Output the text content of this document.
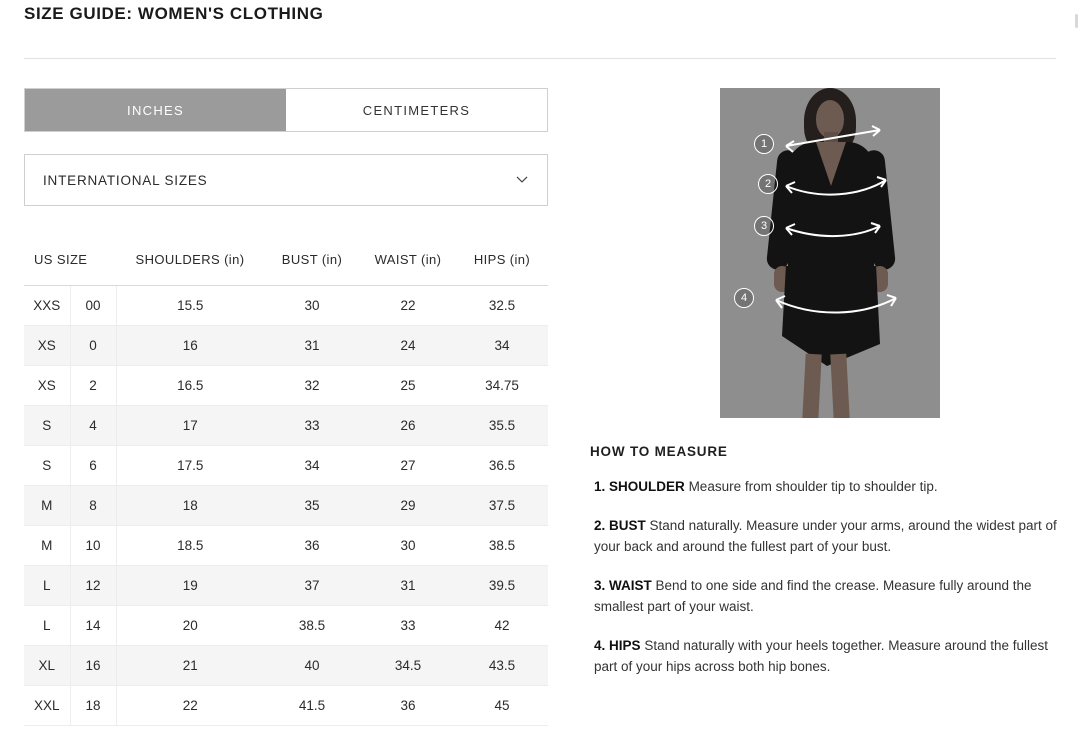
SIZE GUIDE: WOMEN'S CLOTHING
INCHES	CENTIMETERS
INTERNATIONAL SIZES
US SIZE		SHOULDERS (in)	BUST (in)	WAIST (in)	HIPS (in)
XXS	00	15.5	30	22	32.5
XS	0	16	31	24	34
XS	2	16.5	32	25	34.75
S	4	17	33	26	35.5
S	6	17.5	34	27	36.5
M	8	18	35	29	37.5
M	10	18.5	36	30	38.5
L	12	19	37	31	39.5
L	14	20	38.5	33	42
XL	16	21	40	34.5	43.5
XXL	18	22	41.5	36	45
1
2
3
4
HOW TO MEASURE
1. SHOULDER Measure from shoulder tip to shoulder tip.
2. BUST Stand naturally. Measure under your arms, around the widest part of your back and around the fullest part of your bust.
3. WAIST Bend to one side and find the crease. Measure fully around the smallest part of your waist.
4. HIPS Stand naturally with your heels together. Measure around the fullest part of your hips across both hip bones.
